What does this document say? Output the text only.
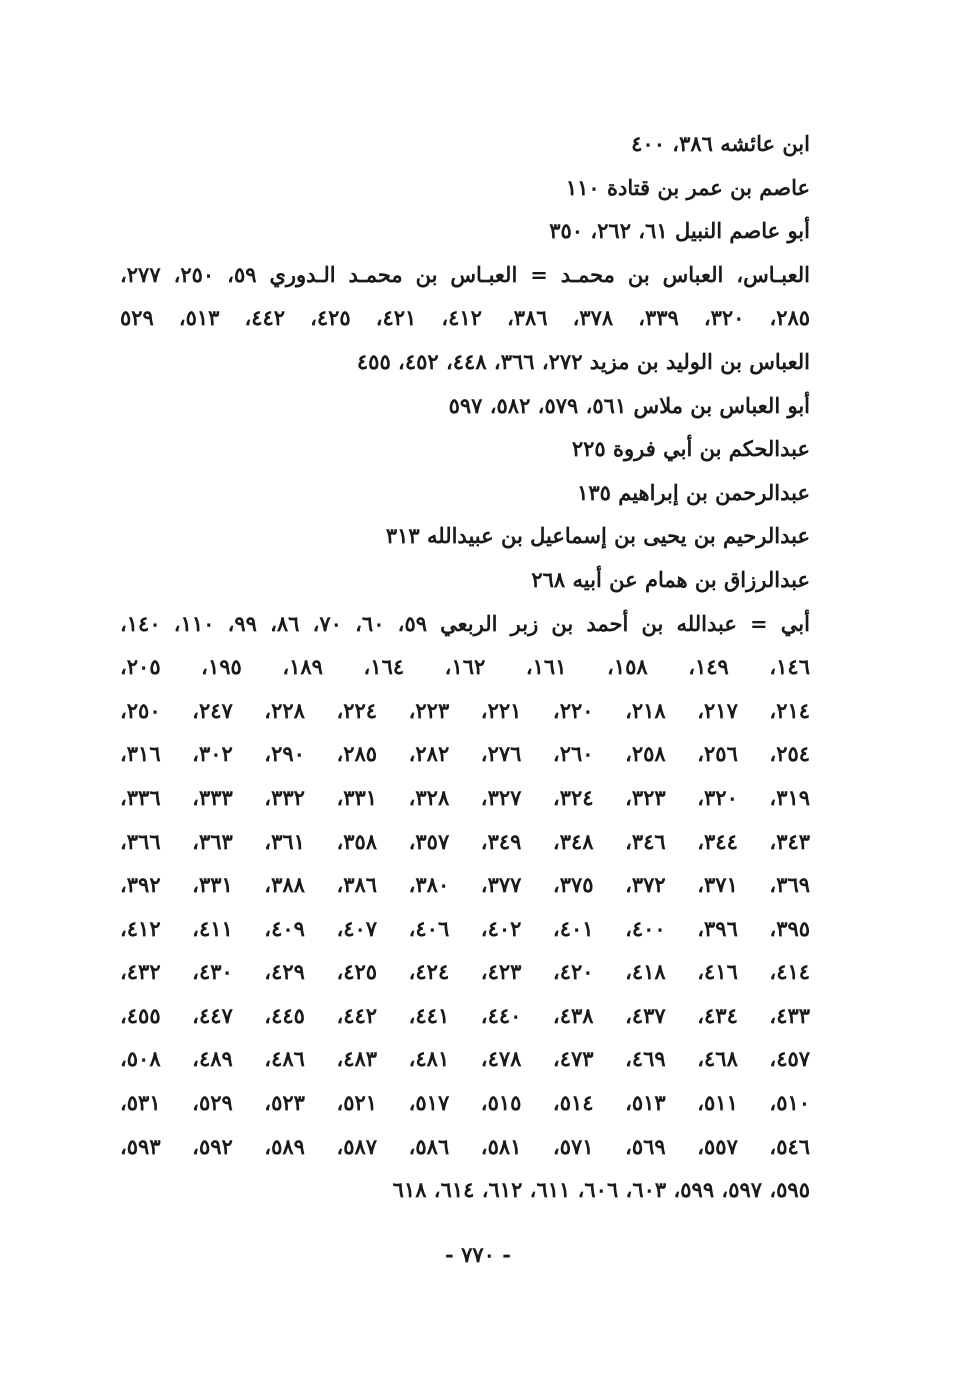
ابن عائشه ٣٨٦، ٤٠٠
عاصم بن عمر بن قتادة ١١٠
أبو عاصم النبيل ٦١، ٢٦٢، ٣٥٠
العبـاس، العباس بن محمـد = العبـاس بن محمـد الـدوري ٥٩، ٢٥٠، ٢٧٧،
٢٨٥، ٣٢٠، ٣٣٩، ٣٧٨، ٣٨٦، ٤١٢، ٤٢١، ٤٢٥، ٤٤٢، ٥١٣، ٥٢٩
العباس بن الوليد بن مزيد ٢٧٢، ٣٦٦، ٤٤٨، ٤٥٢، ٤٥٥
أبو العباس بن ملاس ٥٦١، ٥٧٩، ٥٨٢، ٥٩٧
عبدالحكم بن أبي فروة ٢٢٥
عبدالرحمن بن إبراهيم ١٣٥
عبدالرحيم بن يحيى بن إسماعيل بن عبيدالله ٣١٣
عبدالرزاق بن همام عن أبيه ٢٦٨
أبي = عبدالله بن أحمد بن زبر الربعي ٥٩، ٦٠، ٧٠، ٨٦، ٩٩، ١١٠، ١٤٠،
١٤٦، ١٤٩، ١٥٨، ١٦١، ١٦٢، ١٦٤، ١٨٩، ١٩٥، ٢٠٥،
٢١٤، ٢١٧، ٢١٨، ٢٢٠، ٢٢١، ٢٢٣، ٢٢٤، ٢٢٨، ٢٤٧، ٢٥٠،
٢٥٤، ٢٥٦، ٢٥٨، ٢٦٠، ٢٧٦، ٢٨٢، ٢٨٥، ٢٩٠، ٣٠٢، ٣١٦،
٣١٩، ٣٢٠، ٣٢٣، ٣٢٤، ٣٢٧، ٣٢٨، ٣٣١، ٣٣٢، ٣٣٣، ٣٣٦،
٣٤٣، ٣٤٤، ٣٤٦، ٣٤٨، ٣٤٩، ٣٥٧، ٣٥٨، ٣٦١، ٣٦٣، ٣٦٦،
٣٦٩، ٣٧١، ٣٧٢، ٣٧٥، ٣٧٧، ٣٨٠، ٣٨٦، ٣٨٨، ٣٣١، ٣٩٢،
٣٩٥، ٣٩٦، ٤٠٠، ٤٠١، ٤٠٢، ٤٠٦، ٤٠٧، ٤٠٩، ٤١١، ٤١٢،
٤١٤، ٤١٦، ٤١٨، ٤٢٠، ٤٢٣، ٤٢٤، ٤٢٥، ٤٢٩، ٤٣٠، ٤٣٢،
٤٣٣، ٤٣٤، ٤٣٧، ٤٣٨، ٤٤٠، ٤٤١، ٤٤٢، ٤٤٥، ٤٤٧، ٤٥٥،
٤٥٧، ٤٦٨، ٤٦٩، ٤٧٣، ٤٧٨، ٤٨١، ٤٨٣، ٤٨٦، ٤٨٩، ٥٠٨،
٥١٠، ٥١١، ٥١٣، ٥١٤، ٥١٥، ٥١٧، ٥٢١، ٥٢٣، ٥٢٩، ٥٣١،
٥٤٦، ٥٥٧، ٥٦٩، ٥٧١، ٥٨١، ٥٨٦، ٥٨٧، ٥٨٩، ٥٩٢، ٥٩٣،
٥٩٥، ٥٩٧، ٥٩٩، ٦٠٣، ٦٠٦، ٦١١، ٦١٢، ٦١٤، ٦١٨
- ٧٧٠ -
